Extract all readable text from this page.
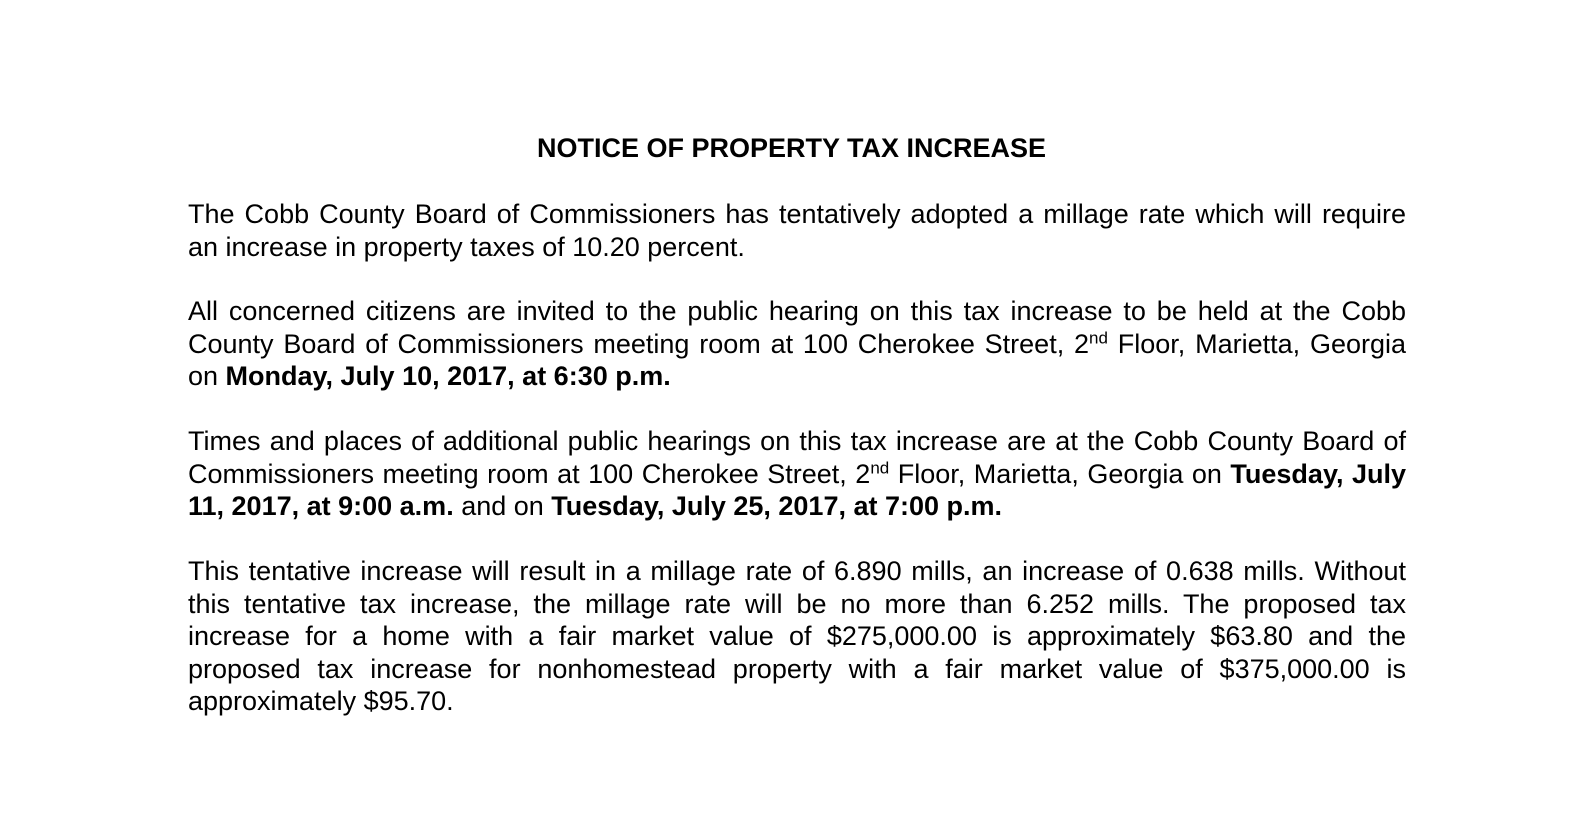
NOTICE OF PROPERTY TAX INCREASE

The Cobb County Board of Commissioners has tentatively adopted a millage rate which will require an increase in property taxes of 10.20 percent.

All concerned citizens are invited to the public hearing on this tax increase to be held at the Cobb County Board of Commissioners meeting room at 100 Cherokee Street, 2nd Floor, Marietta, Georgia on Monday, July 10, 2017, at 6:30 p.m.

Times and places of additional public hearings on this tax increase are at the Cobb County Board of Commissioners meeting room at 100 Cherokee Street, 2nd Floor, Marietta, Georgia on Tuesday, July 11, 2017, at 9:00 a.m. and on Tuesday, July 25, 2017, at 7:00 p.m.

This tentative increase will result in a millage rate of 6.890 mills, an increase of 0.638 mills. Without this tentative tax increase, the millage rate will be no more than 6.252 mills. The proposed tax increase for a home with a fair market value of $275,000.00 is approximately $63.80 and the proposed tax increase for nonhomestead property with a fair market value of $375,000.00 is approximately $95.70.
